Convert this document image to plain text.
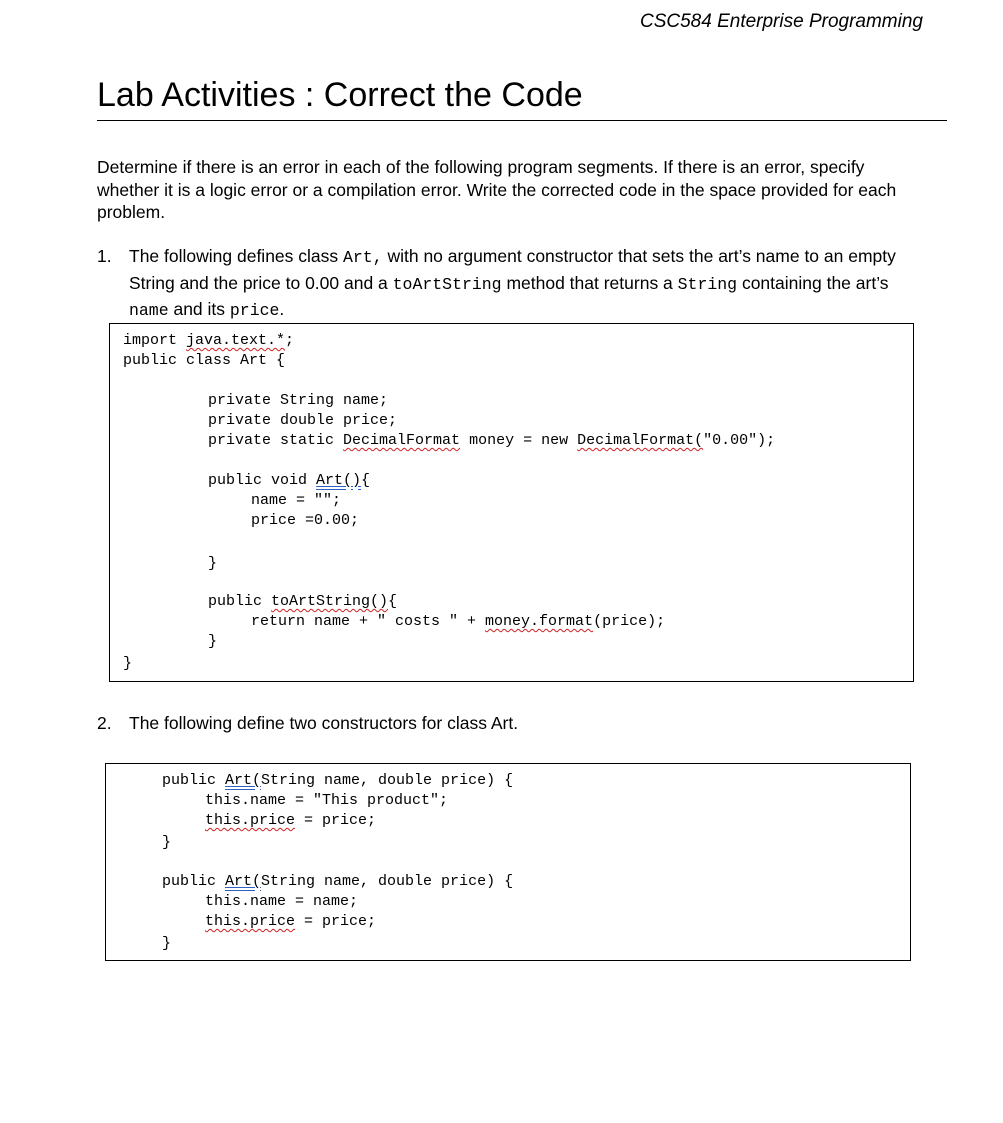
CSC584 Enterprise Programming
Lab Activities : Correct the Code

Determine if there is an error in each of the following program segments. If there is an error, specify whether it is a logic error or a compilation error. Write the corrected code in the space provided for each problem.

1. The following defines class Art, with no argument constructor that sets the art’s name to an empty String and the price to 0.00 and a toArtString method that returns a String containing the art’s name and its price.
import java.text.*;
public class Art {
private String name;
private double price;
private static DecimalFormat money = new DecimalFormat("0.00");
public void Art(){
name = "";
price =0.00;
}
public toArtString(){
return name + " costs " + money.format(price);
}
}
2. The following define two constructors for class Art.
public Art(String name, double price) {
this.name = "This product";
this.price = price;
}
public Art(String name, double price) {
this.name = name;
this.price = price;
}
